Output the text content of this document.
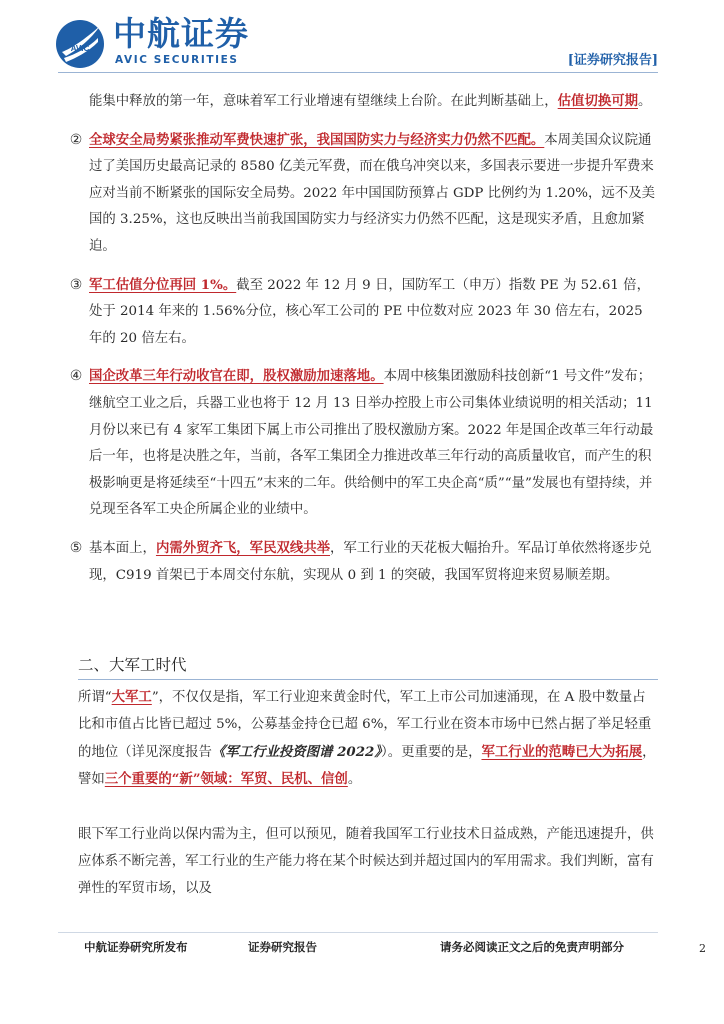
AVIC 中航证券
AVIC SECURITIES	[证券研究报告]

能集中释放的第一年，意味着军工行业增速有望继续上台阶。在此判断基础上，估值切换可期。

② 全球安全局势紧张推动军费快速扩张，我国国防实力与经济实力仍然不匹配。本周美国众议院通过了美国历史最高记录的 8580 亿美元军费，而在俄乌冲突以来，多国表示要进一步提升军费来应对当前不断紧张的国际安全局势。2022 年中国国防预算占 GDP 比例约为 1.20%，远不及美国的 3.25%，这也反映出当前我国国防实力与经济实力仍然不匹配，这是现实矛盾，且愈加紧迫。
③ 军工估值分位再回 1%。截至 2022 年 12 月 9 日，国防军工（申万）指数 PE 为 52.61 倍，处于 2014 年来的 1.56%分位，核心军工公司的 PE 中位数对应 2023 年 30 倍左右，2025 年的 20 倍左右。
④ 国企改革三年行动收官在即，股权激励加速落地。本周中核集团激励科技创新“1 号文件”发布；继航空工业之后，兵器工业也将于 12 月 13 日举办控股上市公司集体业绩说明的相关活动；11 月份以来已有 4 家军工集团下属上市公司推出了股权激励方案。2022 年是国企改革三年行动最后一年，也将是决胜之年，当前，各军工集团全力推进改革三年行动的高质量收官，而产生的积极影响更是将延续至“十四五”末来的二年。供给侧中的军工央企高“质”“量”发展也有望持续，并兑现至各军工央企所属企业的业绩中。
⑤ 基本面上，内需外贸齐飞，军民双线共举，军工行业的天花板大幅抬升。军品订单依然将逐步兑现，C919 首架已于本周交付东航，实现从 0 到 1 的突破，我国军贸将迎来贸易顺差期。
二、大军工时代

所谓“大军工”，不仅仅是指，军工行业迎来黄金时代，军工上市公司加速涌现，在 A 股中数量占比和市值占比皆已超过 5%，公募基金持仓已超 6%，军工行业在资本市场中已然占据了举足轻重的地位（详见深度报告《军工行业投资图谱 2022》）。更重要的是，军工行业的范畴已大为拓展，譬如三个重要的“新”领域：军贸、民机、信创。

眼下军工行业尚以保内需为主，但可以预见，随着我国军工行业技术日益成熟，产能迅速提升，供应体系不断完善，军工行业的生产能力将在某个时候达到并超过国内的军用需求。我们判断，富有弹性的军贸市场，以及

中航证券研究所发布	证券研究报告	请务必阅读正文之后的免责声明部分	2
